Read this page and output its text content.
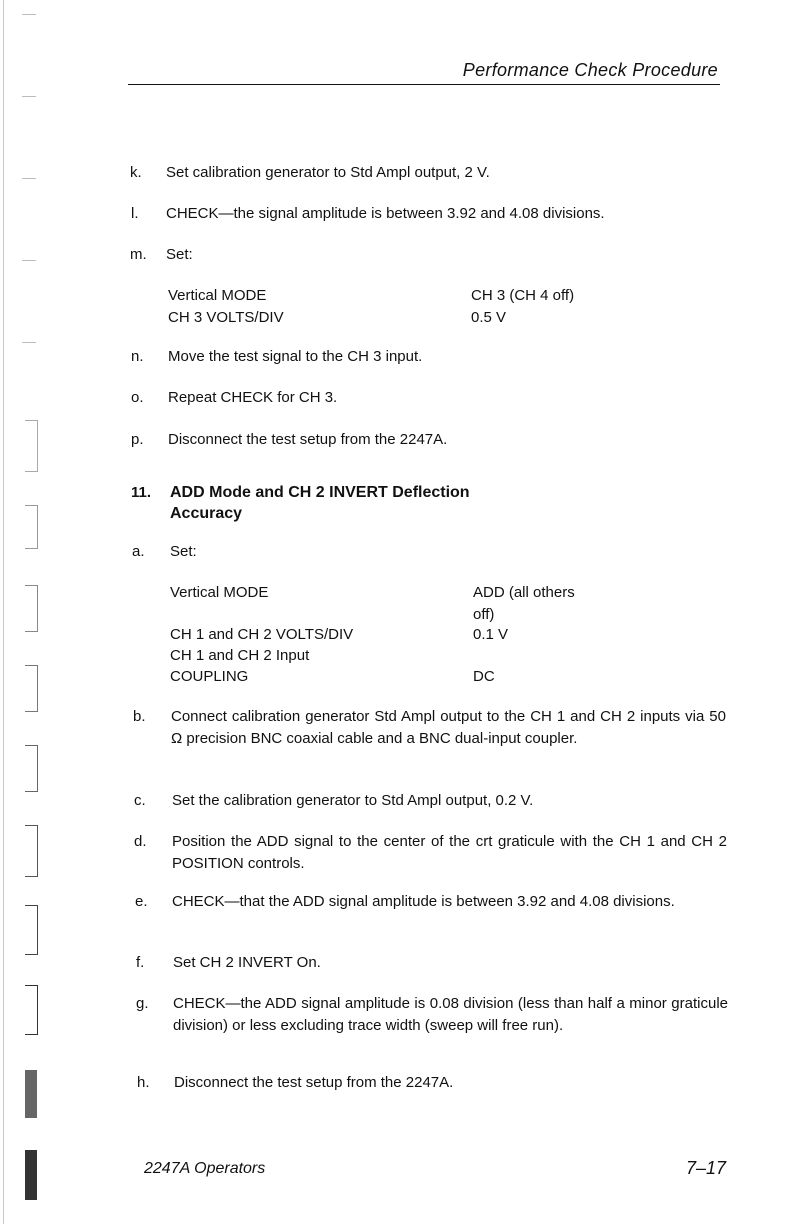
Performance Check Procedure
k.	Set calibration generator to Std Ampl output, 2 V.
l.	CHECK—the signal amplitude is between 3.92 and 4.08 divisions.
m.	Set:
Vertical MODE	CH 3 (CH 4 off)
CH 3 VOLTS/DIV	0.5 V
n.	Move the test signal to the CH 3 input.
o.	Repeat CHECK for CH 3.
p.	Disconnect the test setup from the 2247A.
11.	ADD Mode and CH 2 INVERT Deflection
Accuracy
a.	Set:
Vertical MODE	ADD (all others
off)
CH 1 and CH 2 VOLTS/DIV	0.1 V
CH 1 and CH 2 Input
COUPLING	DC
b.	Connect calibration generator Std Ampl output to the CH 1 and CH 2 inputs via 50 Ω precision BNC coaxial cable and a BNC dual-input coupler.
c.	Set the calibration generator to Std Ampl output, 0.2 V.
d.	Position the ADD signal to the center of the crt graticule with the CH 1 and CH 2 POSITION controls.
e.	CHECK—that the ADD signal amplitude is between 3.92 and 4.08 divisions.
f.	Set CH 2 INVERT On.
g.	CHECK—the ADD signal amplitude is 0.08 division (less than half a minor graticule division) or less excluding trace width (sweep will free run).
h.	Disconnect the test setup from the 2247A.
2247A Operators	7–17
